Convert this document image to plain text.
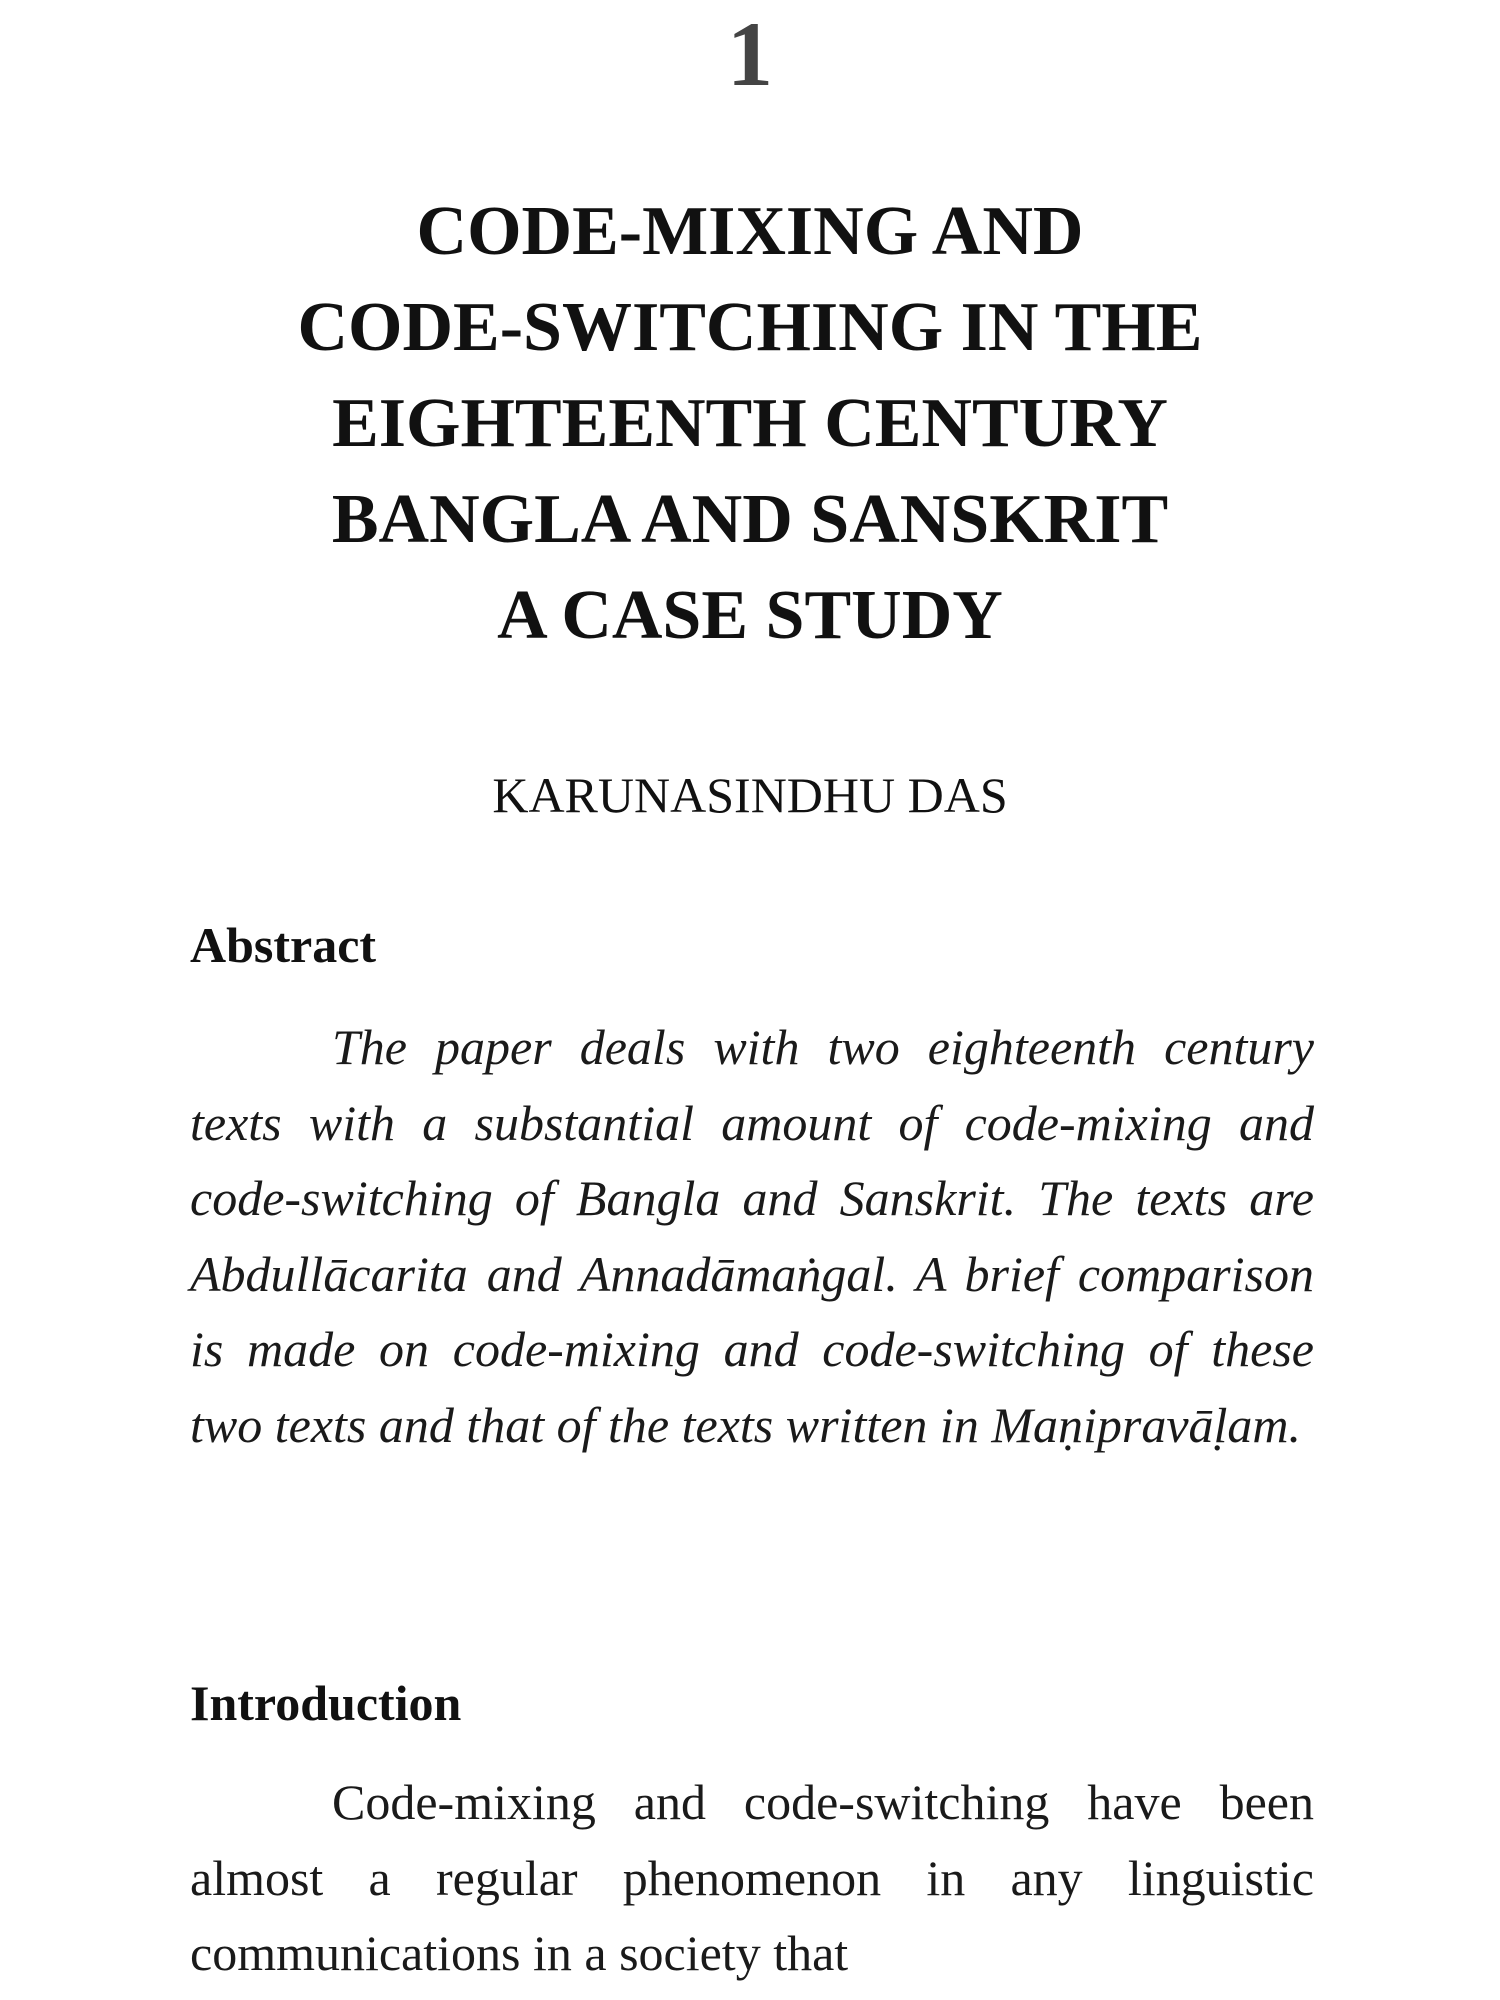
1
CODE-MIXING AND
CODE-SWITCHING IN THE
EIGHTEENTH CENTURY
BANGLA AND SANSKRIT
A CASE STUDY
KARUNASINDHU DAS
Abstract

The paper deals with two eighteenth century texts with a substantial amount of code-mixing and code-switching of Bangla and Sanskrit. The texts are Abdullācarita and Annadāmaṅgal. A brief comparison is made on code-mixing and code-switching of these two texts and that of the texts written in Maṇipravāḷam.

Introduction

Code-mixing and code-switching have been almost a regular phenomenon in any linguistic communications in a society that
